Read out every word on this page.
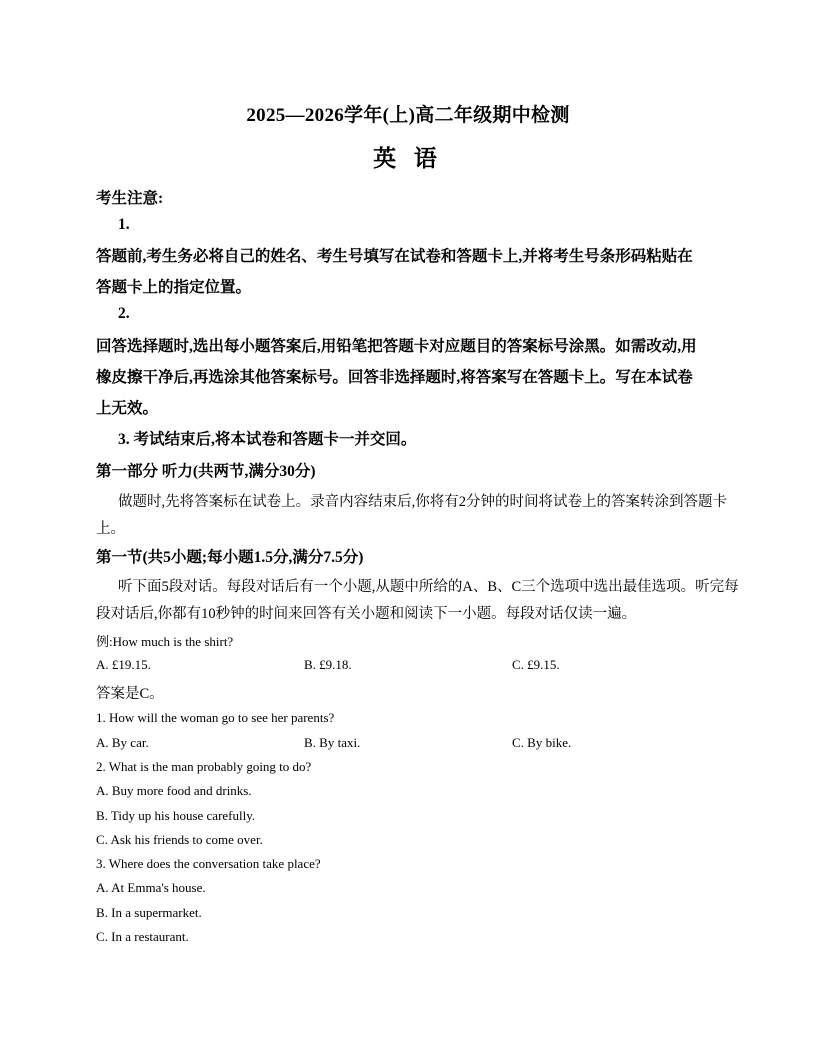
2025—2026学年(上)高二年级期中检测
英 语
考生注意:
1.
答题前,考生务必将自己的姓名、考生号填写在试卷和答题卡上,并将考生号条形码粘贴在
答题卡上的指定位置。
2.
回答选择题时,选出每小题答案后,用铅笔把答题卡对应题目的答案标号涂黑。如需改动,用
橡皮擦干净后,再选涂其他答案标号。回答非选择题时,将答案写在答题卡上。写在本试卷
上无效。
3. 考试结束后,将本试卷和答题卡一并交回。
第一部分 听力(共两节,满分30分)
做题时,先将答案标在试卷上。录音内容结束后,你将有2分钟的时间将试卷上的答案转涂到答题卡
上。
第一节(共5小题;每小题1.5分,满分7.5分)
听下面5段对话。每段对话后有一个小题,从题中所给的A、B、C三个选项中选出最佳选项。听完每
段对话后,你都有10秒钟的时间来回答有关小题和阅读下一小题。每段对话仅读一遍。
例:How much is the shirt?
A. £19.15.	B. £9.18.	C. £9.15.
答案是C。
1. How will the woman go to see her parents?
A. By car.	B. By taxi.	C. By bike.
2. What is the man probably going to do?
A. Buy more food and drinks.
B. Tidy up his house carefully.
C. Ask his friends to come over.
3. Where does the conversation take place?
A. At Emma's house.
B. In a supermarket.
C. In a restaurant.
